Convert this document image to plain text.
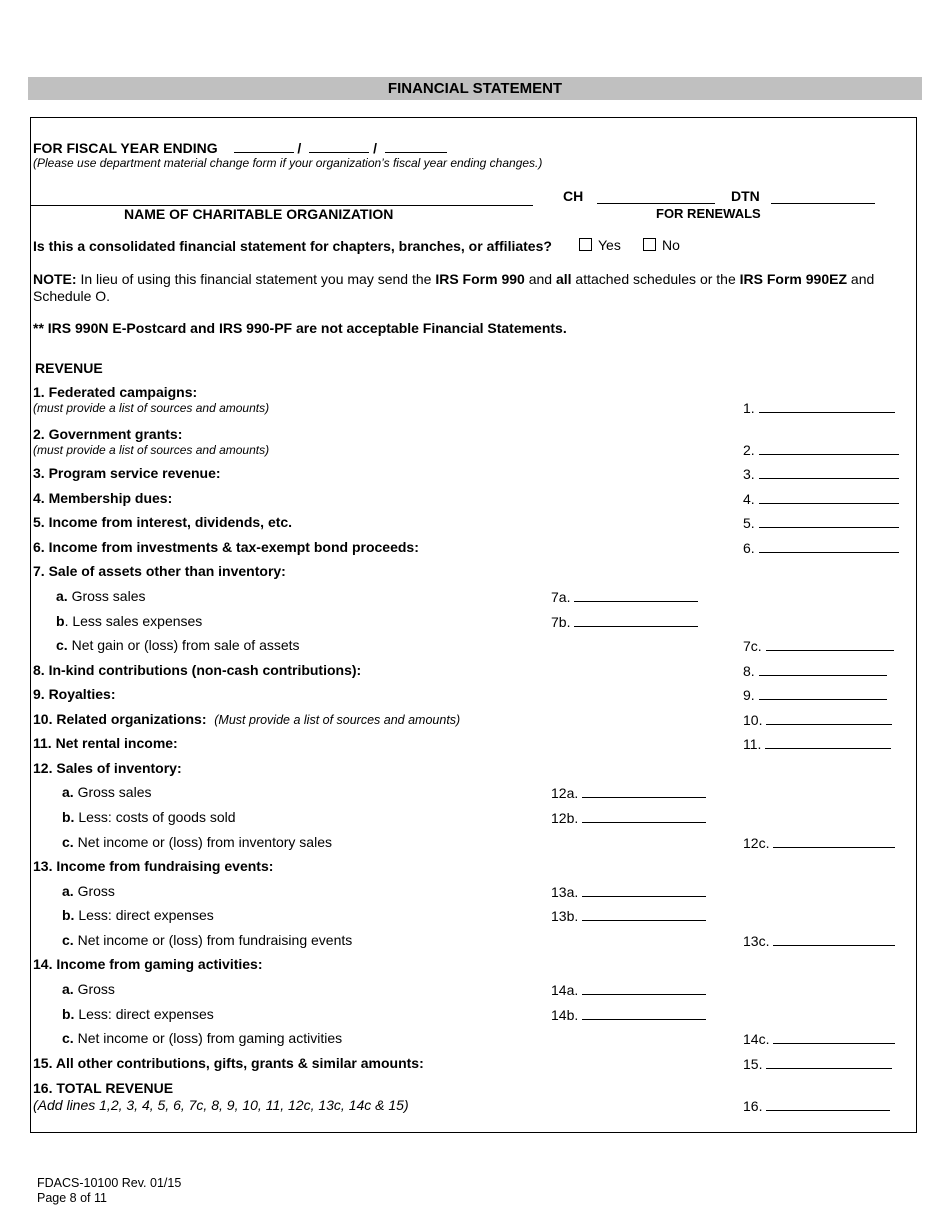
FINANCIAL STATEMENT
FOR FISCAL YEAR ENDING	/	/
(Please use department material change form if your organization’s fiscal year ending changes.)
NAME OF CHARITABLE ORGANIZATION
CH	DTN
FOR RENEWALS
Is this a consolidated financial statement for chapters, branches, or affiliates?	Yes	No
NOTE: In lieu of using this financial statement you may send the IRS Form 990 and all attached schedules or the IRS Form 990EZ and Schedule O.
** IRS 990N E-Postcard and IRS 990-PF are not acceptable Financial Statements.
REVENUE
1. Federated campaigns:
(must provide a list of sources and amounts)	1.
2. Government grants:
(must provide a list of sources and amounts)	2.
3. Program service revenue:	3.
4. Membership dues:	4.
5. Income from interest, dividends, etc.	5.
6. Income from investments & tax-exempt bond proceeds:	6.
7. Sale of assets other than inventory:
a. Gross sales	7a.
b. Less sales expenses	7b.
c. Net gain or (loss) from sale of assets	7c.
8. In-kind contributions (non-cash contributions):	8.
9. Royalties:	9.
10. Related organizations: (Must provide a list of sources and amounts)	10.
11. Net rental income:	11.
12. Sales of inventory:
a. Gross sales	12a.
b. Less: costs of goods sold	12b.
c. Net income or (loss) from inventory sales	12c.
13. Income from fundraising events:
a. Gross	13a.
b. Less: direct expenses	13b.
c. Net income or (loss) from fundraising events	13c.
14. Income from gaming activities:
a. Gross	14a.
b. Less: direct expenses	14b.
c. Net income or (loss) from gaming activities	14c.
15. All other contributions, gifts, grants & similar amounts:	15.
16. TOTAL REVENUE
(Add lines 1,2, 3, 4, 5, 6, 7c, 8, 9, 10, 11, 12c, 13c, 14c & 15)	16.
FDACS-10100 Rev. 01/15
Page 8 of 11
